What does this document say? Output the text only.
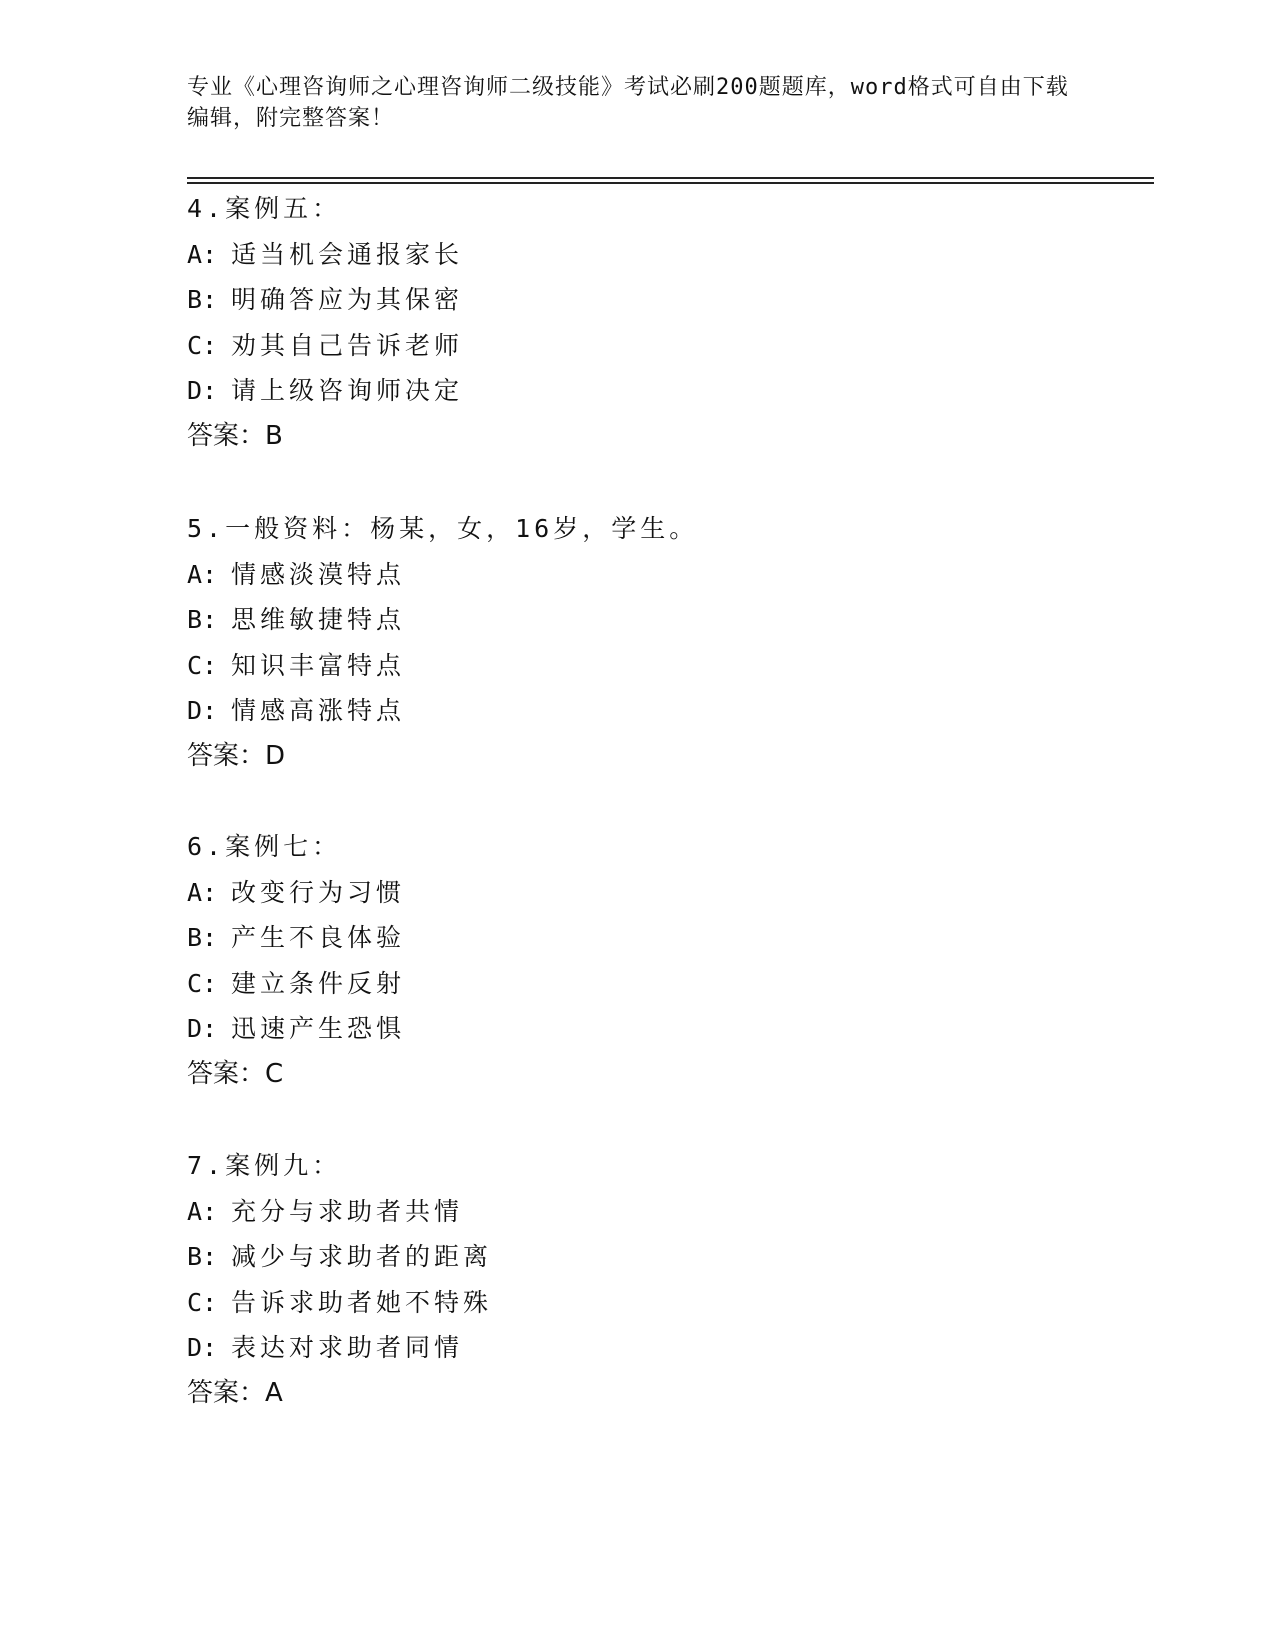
专业《心理咨询师之心理咨询师二级技能》考试必刷200题题库，word格式可自由下载编辑，附完整答案！
4.案例五：
A: 适当机会通报家长
B: 明确答应为其保密
C: 劝其自己告诉老师
D: 请上级咨询师决定
答案：B
5.一般资料：杨某，女，16岁，学生。
A: 情感淡漠特点
B: 思维敏捷特点
C: 知识丰富特点
D: 情感高涨特点
答案：D
6.案例七：
A: 改变行为习惯
B: 产生不良体验
C: 建立条件反射
D: 迅速产生恐惧
答案：C
7.案例九：
A: 充分与求助者共情
B: 减少与求助者的距离
C: 告诉求助者她不特殊
D: 表达对求助者同情
答案：A
